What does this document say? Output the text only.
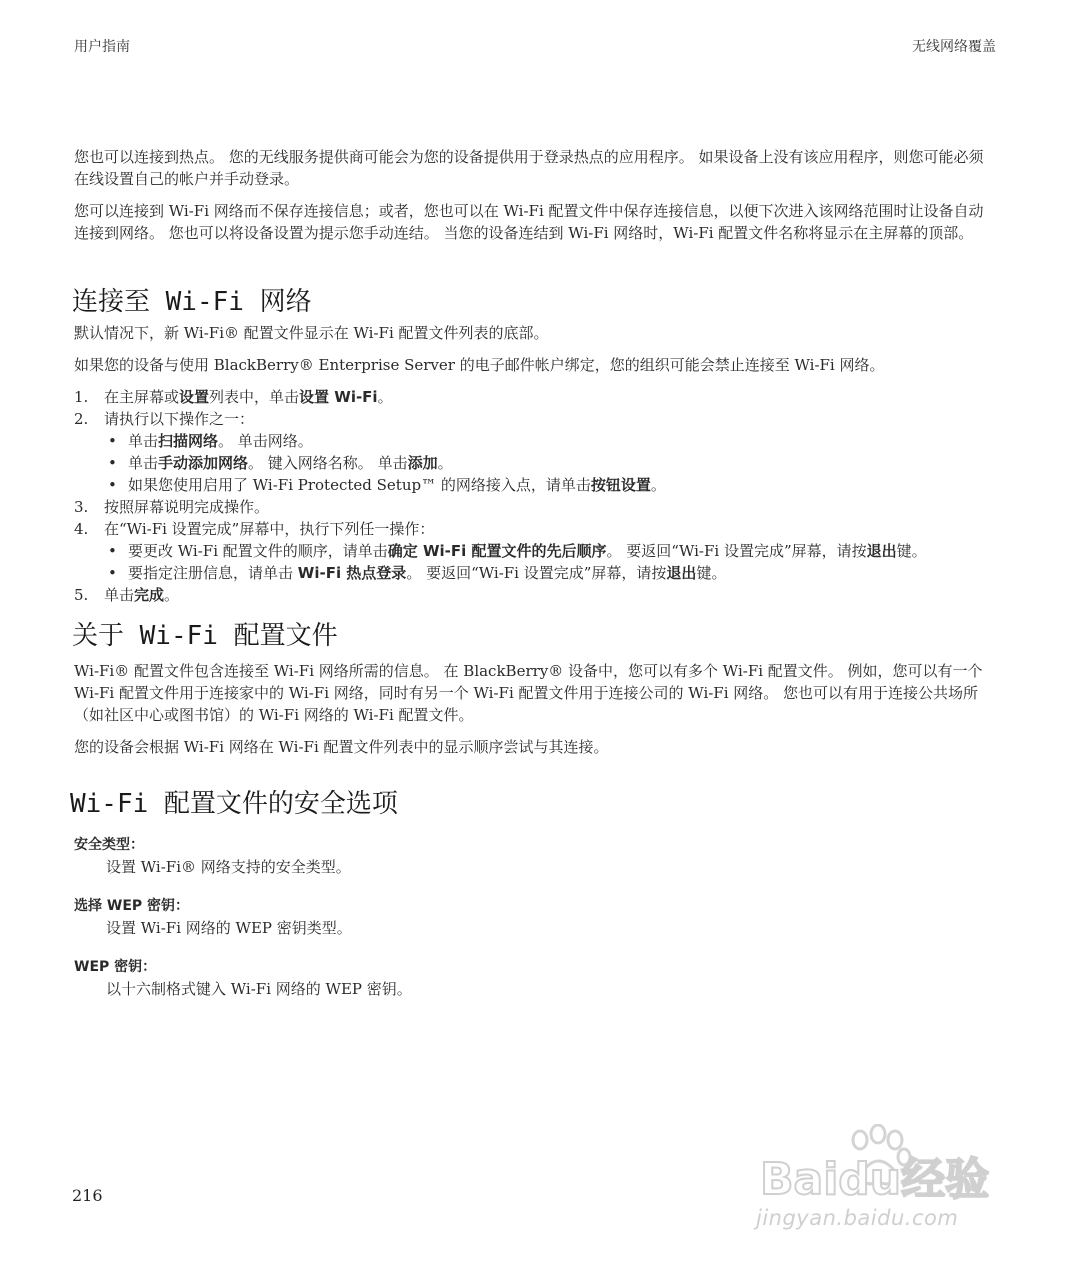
用户指南	无线网络覆盖

您也可以连接到热点。 您的无线服务提供商可能会为您的设备提供用于登录热点的应用程序。 如果设备上没有该应用程序，则您可能必须在线设置自己的帐户并手动登录。

您可以连接到 Wi-Fi 网络而不保存连接信息；或者，您也可以在 Wi-Fi 配置文件中保存连接信息，以便下次进入该网络范围时让设备自动连接到网络。 您也可以将设备设置为提示您手动连结。 当您的设备连结到 Wi-Fi 网络时，Wi-Fi 配置文件名称将显示在主屏幕的顶部。

连接至 Wi-Fi 网络

默认情况下，新 Wi-Fi® 配置文件显示在 Wi-Fi 配置文件列表的底部。

如果您的设备与使用 BlackBerry® Enterprise Server 的电子邮件帐户绑定，您的组织可能会禁止连接至 Wi-Fi 网络。

1. 在主屏幕或设置列表中，单击设置 Wi-Fi。
2. 请执行以下操作之一：
• 单击扫描网络。 单击网络。
• 单击手动添加网络。 键入网络名称。 单击添加。
• 如果您使用启用了 Wi-Fi Protected Setup™ 的网络接入点，请单击按钮设置。
3. 按照屏幕说明完成操作。
4. 在“Wi-Fi 设置完成”屏幕中，执行下列任一操作：
• 要更改 Wi-Fi 配置文件的顺序，请单击确定 Wi-Fi 配置文件的先后顺序。 要返回“Wi-Fi 设置完成”屏幕，请按退出键。
• 要指定注册信息，请单击 Wi-Fi 热点登录。 要返回“Wi-Fi 设置完成”屏幕，请按退出键。
5. 单击完成。
关于 Wi-Fi 配置文件

Wi-Fi® 配置文件包含连接至 Wi-Fi 网络所需的信息。 在 BlackBerry® 设备中，您可以有多个 Wi-Fi 配置文件。 例如，您可以有一个 Wi-Fi 配置文件用于连接家中的 Wi-Fi 网络，同时有另一个 Wi-Fi 配置文件用于连接公司的 Wi-Fi 网络。 您也可以有用于连接公共场所（如社区中心或图书馆）的 Wi-Fi 网络的 Wi-Fi 配置文件。

您的设备会根据 Wi-Fi 网络在 Wi-Fi 配置文件列表中的显示顺序尝试与其连接。

Wi-Fi 配置文件的安全选项
安全类型：
设置 Wi-Fi® 网络支持的安全类型。
选择 WEP 密钥：
设置 Wi-Fi 网络的 WEP 密钥类型。
WEP 密钥：
以十六制格式键入 Wi-Fi 网络的 WEP 密钥。
216	Baidu经验
jingyan.baidu.com
